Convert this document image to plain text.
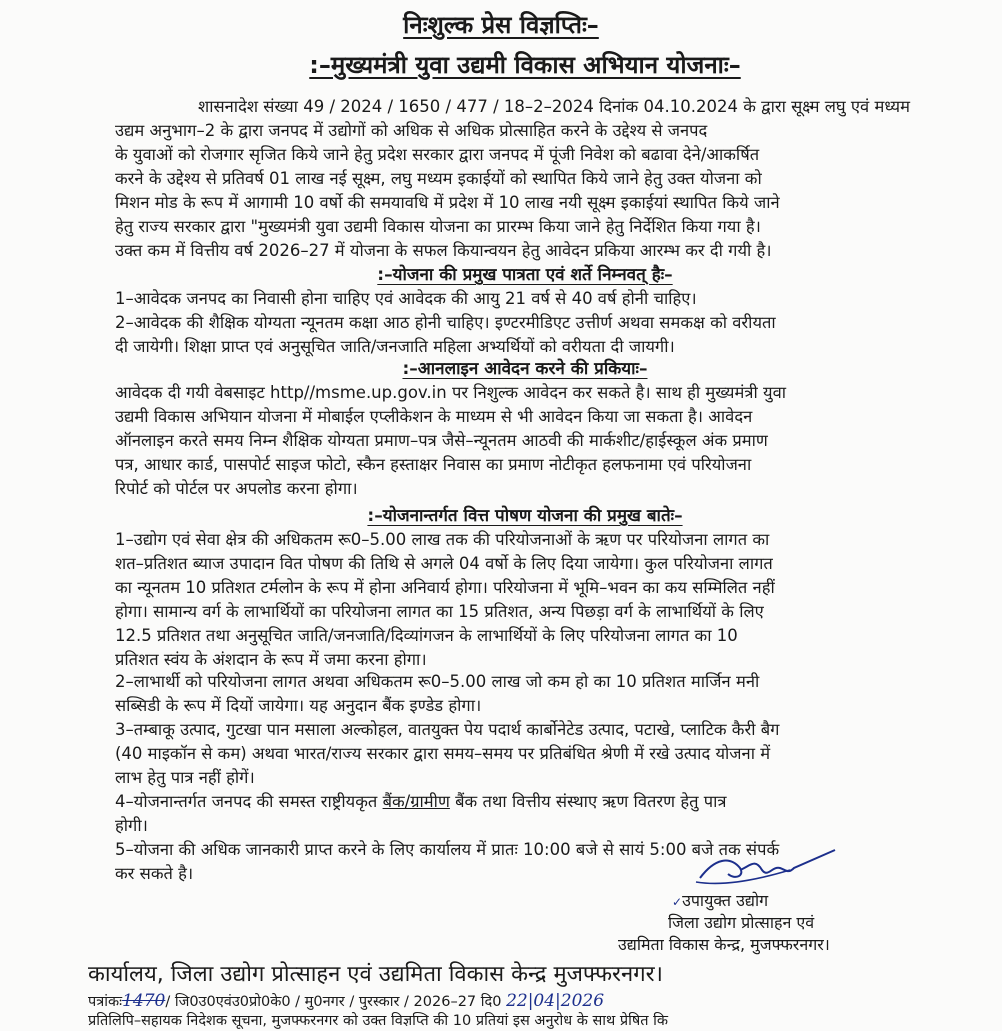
निःशुल्क प्रेस विज्ञप्तिः–
:–मुख्यमंत्री युवा उद्यमी विकास अभियान योजनाः–
शासनादेश संख्या 49 / 2024 / 1650 / 477 / 18–2–2024 दिनांक 04.10.2024 के द्वारा सूक्ष्म लघु एवं मध्यम
उद्यम अनुभाग–2 के द्वारा जनपद में उद्योगों को अधिक से अधिक प्रोत्साहित करने के उद्देश्य से जनपद
के युवाओं को रोजगार सृजित किये जाने हेतु प्रदेश सरकार द्वारा जनपद में पूंजी निवेश को बढावा देने/आकर्षित
करने के उद्देश्य से प्रतिवर्ष 01 लाख नई सूक्ष्म, लघु मध्यम इकाईयों को स्थापित किये जाने हेतु उक्त योजना को
मिशन मोड के रूप में आगामी 10 वर्षो की समयावधि में प्रदेश में 10 लाख नयी सूक्ष्म इकाईयां स्थापित किये जाने
हेतु राज्य सरकार द्वारा "मुख्यमंत्री युवा उद्यमी विकास योजना का प्रारम्भ किया जाने हेतु निर्देशित किया गया है।
उक्त कम में वित्तीय वर्ष 2026–27 में योजना के सफल कियान्वयन हेतु आवेदन प्रकिया आरम्भ कर दी गयी है।
:–योजना की प्रमुख पात्रता एवं शर्ते निम्नवत् हैः–
1–आवेदक जनपद का निवासी होना चाहिए एवं आवेदक की आयु 21 वर्ष से 40 वर्ष होनी चाहिए।
2–आवेदक की शैक्षिक योग्यता न्यूनतम कक्षा आठ होनी चाहिए। इण्टरमीडिएट उत्तीर्ण अथवा समकक्ष को वरीयता
दी जायेगी। शिक्षा प्राप्त एवं अनुसूचित जाति/जनजाति महिला अभ्यर्थियों को वरीयता दी जायगी।
:–आनलाइन आवेदन करने की प्रकियाः–
आवेदक दी गयी वेबसाइट http//msme.up.gov.in पर निशुल्क आवेदन कर सकते है। साथ ही मुख्यमंत्री युवा
उद्यमी विकास अभियान योजना में मोबाईल एप्लीकेशन के माध्यम से भी आवेदन किया जा सकता है। आवेदन
ऑनलाइन करते समय निम्न शैक्षिक योग्यता प्रमाण–पत्र जैसे–न्यूनतम आठवी की मार्कशीट/हाईस्कूल अंक प्रमाण
पत्र, आधार कार्ड, पासपोर्ट साइज फोटो, स्कैन हस्ताक्षर निवास का प्रमाण नोटीकृत हलफनामा एवं परियोजना
रिपोर्ट को पोर्टल पर अपलोड करना होगा।
:–योजनान्तर्गत वित्त पोषण योजना की प्रमुख बातेः–
1–उद्योग एवं सेवा क्षेत्र की अधिकतम रू0–5.00 लाख तक की परियोजनाओं के ऋण पर परियोजना लागत का
शत–प्रतिशत ब्याज उपादान वित पोषण की तिथि से अगले 04 वर्षो के लिए दिया जायेगा। कुल परियोजना लागत
का न्यूनतम 10 प्रतिशत टर्मलोन के रूप में होना अनिवार्य होगा। परियोजना में भूमि–भवन का कय सम्मिलित नहीं
होगा। सामान्य वर्ग के लाभार्थियों का परियोजना लागत का 15 प्रतिशत, अन्य पिछड़ा वर्ग के लाभार्थियों के लिए
12.5 प्रतिशत तथा अनुसूचित जाति/जनजाति/दिव्यांगजन के लाभार्थियों के लिए परियोजना लागत का 10
प्रतिशत स्वंय के अंशदान के रूप में जमा करना होगा।
2–लाभार्थी को परियोजना लागत अथवा अधिकतम रू0–5.00 लाख जो कम हो का 10 प्रतिशत मार्जिन मनी
सब्सिडी के रूप में दियों जायेगा। यह अनुदान बैंक इण्डेड होगा।
3–तम्बाकू उत्पाद, गुटखा पान मसाला अल्कोहल, वातयुक्त पेय पदार्थ कार्बोनेटेड उत्पाद, पटाखे, प्लाटिक कैरी बैग
(40 माइकॉन से कम) अथवा भारत/राज्य सरकार द्वारा समय–समय पर प्रतिबंधित श्रेणी में रखे उत्पाद योजना में
लाभ हेतु पात्र नहीं होगें।
4–योजनान्तर्गत जनपद की समस्त राष्ट्रीयकृत बैंक/ग्रामीण बैंक तथा वित्तीय संस्थाए ऋण वितरण हेतु पात्र
होगी।
5–योजना की अधिक जानकारी प्राप्त करने के लिए कार्यालय में प्रातः 10:00 बजे से सायं 5:00 बजे तक संपर्क
कर सकते है।
✓उपायुक्त उद्योग
जिला उद्योग प्रोत्साहन एवं
उद्यमिता विकास केन्द्र, मुजफ्फरनगर।
कार्यालय, जिला उद्योग प्रोत्साहन एवं उद्यमिता विकास केन्द्र मुजफ्फरनगर।
पत्रांकः1470/ जि0उ0एवंउ0प्रो0के0 / मु0नगर / पुरस्कार / 2026–27 दि0 22|04|2026
प्रतिलिपि–सहायक निदेशक सूचना, मुजफ्फरनगर को उक्त विज्ञप्ति की 10 प्रतियां इस अनुरोध के साथ प्रेषित कि
